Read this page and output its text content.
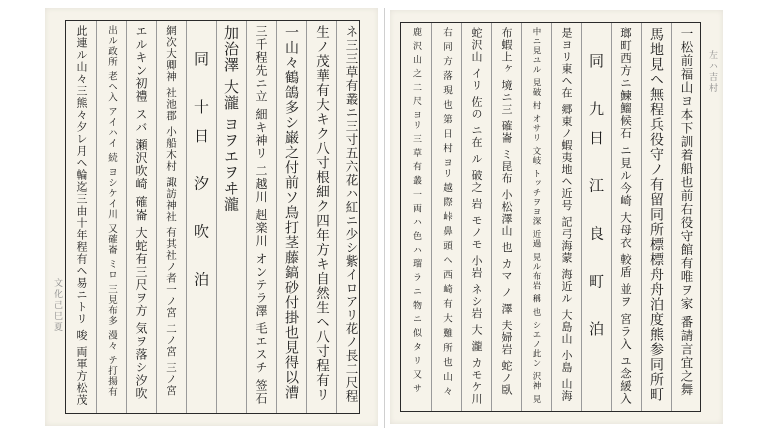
ネ三三草有叢ニ三寸五六花ハ紅ニ少シ紫イロアリ花ノ長二尺程
生ノ茂華有大キク八寸根細ク四年方キ自然生ヘ八寸程有リ
一山々鶴鴿多シ巌之付前ソ鳥打茎藤鎬砂付掛也見得以漕
三千程先ニ立 細キ神リ 二越川 赳楽川 オンテラ澤 毛エスチ 签石
加治澤 大瀧 ヨヲエヲヰ瀧
同 十日 汐 吹 泊
網次大卿神 社池郡 小船木村 諏訪神社 有其社ノ者一ノ宮 二ノ宮 三ノ宮
エルキン初禮 スバ 瀬沢吹崎 確崙 大蛇有三尺ヲ方 気ヲ落シ汐吹
出ル政所 老ヘ入 アイハイ 続 ヨシケイ川 又確崙 ミロ 三見布多 漫々 テ打揚有
此連ル山々三熊々夕レ月ヘ輪迄三由十年程有ヘ易ニトリ 唆 両軍方松茂
文化己巳夏	一松前福山ヨ本下訓着船也前右役守館有唯ヲ家 番請言宜之舞
馬地見ヘ無程兵役守ノ有留同所標標舟舟泊度熊参同所町
瑯町西方ニ鰊鰡候石 ニ見ル今崎 大母衣 較盾 並ヲ 宮ラ入 ユ念緩入
同 九日 江 良 町 泊
是ヨリ東ヘ在 郷東ノ蝦夷地ヘ近号 記弓海蒙 海近ル 大島山 小島 山海
中ニ見ユル 見破 村 オサリ 文岐 トッチヲヨ深 近過 見ル布岩 稱 也 シエノ此ン 沢神 見
布蝦上ヶ 境ニ三 確崙 ミ昆布 小松澤山 也 カマ ノ 澤 夫婦岩 蛇ノ臥
蛇沢山 イリ 佐の ニ在 ル 破之 岩 モノモ 小岩 ネシ岩 大 瀧 カモケ川
右 同 方 落 現 也 第 日 村 ヨリ 越 際 峠 鼻 頭 ヘ 西 崎 有 大 難 所 也 山 々
鹿 沢 山 之 二 尺 ヨリ 三 草 有 叢 一 両 ハ 色 ハ 瑠 ラ ニ 物 ニ 似 タ リ 又 サ	左ハ吉村
